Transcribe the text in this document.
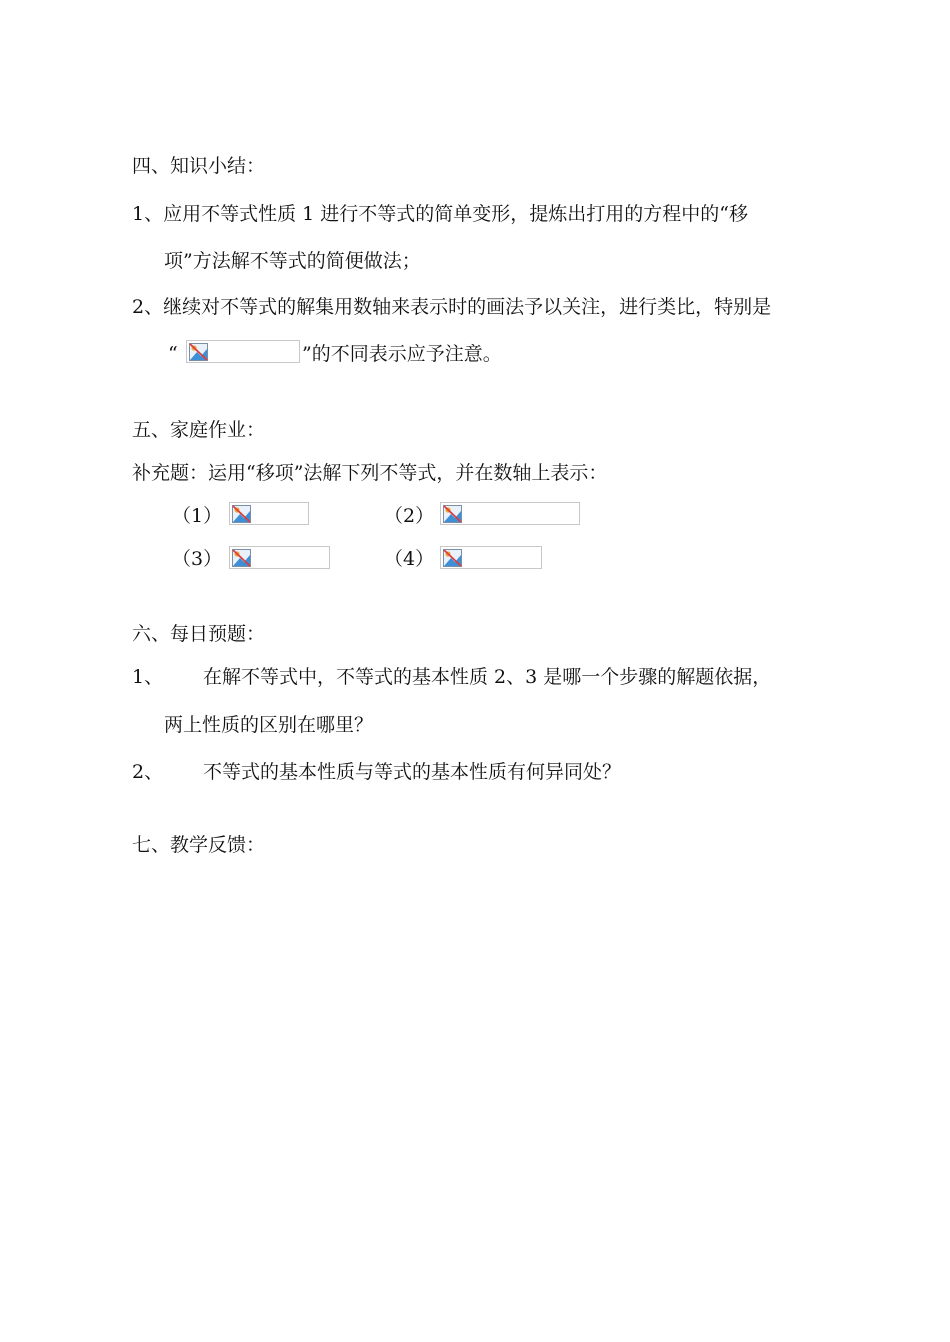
四、知识小结：

1、应用不等式性质 1 进行不等式的简单变形，提炼出打用的方程中的“移

项”方法解不等式的简便做法；

2、继续对不等式的解集用数轴来表示时的画法予以关注，进行类比，特别是

“	”的不同表示应予注意。

五、家庭作业：

补充题：运用“移项”法解下列不等式，并在数轴上表示：

（1）	（2）

（3）	（4）

六、每日预题：

1、 在解不等式中，不等式的基本性质 2、3 是哪一个步骤的解题依据，

两上性质的区别在哪里？

2、 不等式的基本性质与等式的基本性质有何异同处？

七、教学反馈：
